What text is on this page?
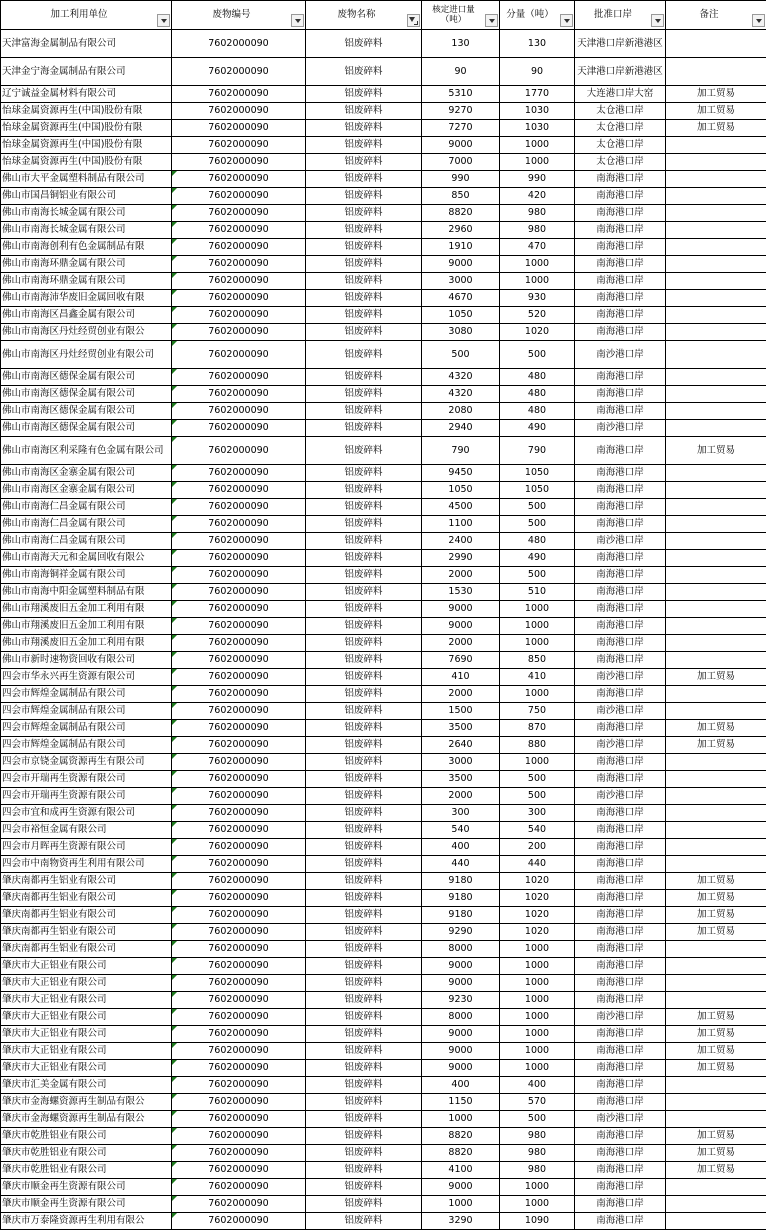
加工利用单位	废物编号	废物名称	核定进口量（吨）	分量（吨）	批准口岸	备注

天津富海金属制品有限公司	7602000090	铝废碎料	130	130	天津港口岸新港港区	
天津金宁海金属制品有限公司	7602000090	铝废碎料	90	90	天津港口岸新港港区	
辽宁诚益金属材料有限公司	7602000090	铝废碎料	5310	1770	大连港口岸大窑	加工贸易
怡球金属资源再生(中国)股份有限	7602000090	铝废碎料	9270	1030	太仓港口岸	加工贸易
怡球金属资源再生(中国)股份有限	7602000090	铝废碎料	7270	1030	太仓港口岸	加工贸易
怡球金属资源再生(中国)股份有限	7602000090	铝废碎料	9000	1000	太仓港口岸	
怡球金属资源再生(中国)股份有限	7602000090	铝废碎料	7000	1000	太仓港口岸	
佛山市大平金属塑料制品有限公司	7602000090	铝废碎料	990	990	南海港口岸	
佛山市国昌铜铝业有限公司	7602000090	铝废碎料	850	420	南海港口岸	
佛山市南海长城金属有限公司	7602000090	铝废碎料	8820	980	南海港口岸	
佛山市南海长城金属有限公司	7602000090	铝废碎料	2960	980	南海港口岸	
佛山市南海创利有色金属制品有限	7602000090	铝废碎料	1910	470	南海港口岸	
佛山市南海环鼎金属有限公司	7602000090	铝废碎料	9000	1000	南海港口岸	
佛山市南海环鼎金属有限公司	7602000090	铝废碎料	3000	1000	南海港口岸	
佛山市南海沛华废旧金属回收有限	7602000090	铝废碎料	4670	930	南海港口岸	
佛山市南海区昌鑫金属有限公司	7602000090	铝废碎料	1050	520	南海港口岸	
佛山市南海区丹灶经贸创业有限公	7602000090	铝废碎料	3080	1020	南海港口岸	
佛山市南海区丹灶经贸创业有限公司	7602000090	铝废碎料	500	500	南沙港口岸	
佛山市南海区德保金属有限公司	7602000090	铝废碎料	4320	480	南海港口岸	
佛山市南海区德保金属有限公司	7602000090	铝废碎料	4320	480	南海港口岸	
佛山市南海区德保金属有限公司	7602000090	铝废碎料	2080	480	南海港口岸	
佛山市南海区德保金属有限公司	7602000090	铝废碎料	2940	490	南沙港口岸	
佛山市南海区利采隆有色金属有限公司	7602000090	铝废碎料	790	790	南海港口岸	加工贸易
佛山市南海区金寨金属有限公司	7602000090	铝废碎料	9450	1050	南海港口岸	
佛山市南海区金寨金属有限公司	7602000090	铝废碎料	1050	1050	南海港口岸	
佛山市南海仁昌金属有限公司	7602000090	铝废碎料	4500	500	南海港口岸	
佛山市南海仁昌金属有限公司	7602000090	铝废碎料	1100	500	南海港口岸	
佛山市南海仁昌金属有限公司	7602000090	铝废碎料	2400	480	南沙港口岸	
佛山市南海天元和金属回收有限公	7602000090	铝废碎料	2990	490	南海港口岸	
佛山市南海铜祥金属有限公司	7602000090	铝废碎料	2000	500	南海港口岸	
佛山市南海中阳金属塑料制品有限	7602000090	铝废碎料	1530	510	南海港口岸	
佛山市翔溪废旧五金加工利用有限	7602000090	铝废碎料	9000	1000	南海港口岸	
佛山市翔溪废旧五金加工利用有限	7602000090	铝废碎料	9000	1000	南海港口岸	
佛山市翔溪废旧五金加工利用有限	7602000090	铝废碎料	2000	1000	南海港口岸	
佛山市新时速物资回收有限公司	7602000090	铝废碎料	7690	850	南海港口岸	
四会市华永兴再生资源有限公司	7602000090	铝废碎料	410	410	南沙港口岸	加工贸易
四会市辉煌金属制品有限公司	7602000090	铝废碎料	2000	1000	南海港口岸	
四会市辉煌金属制品有限公司	7602000090	铝废碎料	1500	750	南沙港口岸	
四会市辉煌金属制品有限公司	7602000090	铝废碎料	3500	870	南海港口岸	加工贸易
四会市辉煌金属制品有限公司	7602000090	铝废碎料	2640	880	南沙港口岸	加工贸易
四会市京铙金属资源再生有限公司	7602000090	铝废碎料	3000	1000	南海港口岸	
四会市开瑞再生资源有限公司	7602000090	铝废碎料	3500	500	南海港口岸	
四会市开瑞再生资源有限公司	7602000090	铝废碎料	2000	500	南沙港口岸	
四会市宜和成再生资源有限公司	7602000090	铝废碎料	300	300	南海港口岸	
四会市裕恒金属有限公司	7602000090	铝废碎料	540	540	南海港口岸	
四会市月晖再生资源有限公司	7602000090	铝废碎料	400	200	南海港口岸	
四会市中南物资再生利用有限公司	7602000090	铝废碎料	440	440	南海港口岸	
肇庆南都再生铝业有限公司	7602000090	铝废碎料	9180	1020	南海港口岸	加工贸易
肇庆南都再生铝业有限公司	7602000090	铝废碎料	9180	1020	南海港口岸	加工贸易
肇庆南都再生铝业有限公司	7602000090	铝废碎料	9180	1020	南海港口岸	加工贸易
肇庆南都再生铝业有限公司	7602000090	铝废碎料	9290	1020	南海港口岸	加工贸易
肇庆南都再生铝业有限公司	7602000090	铝废碎料	8000	1000	南海港口岸	
肇庆市大正铝业有限公司	7602000090	铝废碎料	9000	1000	南海港口岸	
肇庆市大正铝业有限公司	7602000090	铝废碎料	9000	1000	南海港口岸	
肇庆市大正铝业有限公司	7602000090	铝废碎料	9230	1000	南海港口岸	
肇庆市大正铝业有限公司	7602000090	铝废碎料	8000	1000	南沙港口岸	加工贸易
肇庆市大正铝业有限公司	7602000090	铝废碎料	9000	1000	南海港口岸	加工贸易
肇庆市大正铝业有限公司	7602000090	铝废碎料	9000	1000	南海港口岸	加工贸易
肇庆市大正铝业有限公司	7602000090	铝废碎料	9000	1000	南海港口岸	加工贸易
肇庆市汇美金属有限公司	7602000090	铝废碎料	400	400	南海港口岸	
肇庆市金海螺资源再生制品有限公	7602000090	铝废碎料	1150	570	南海港口岸	
肇庆市金海螺资源再生制品有限公	7602000090	铝废碎料	1000	500	南沙港口岸	
肇庆市乾胜铝业有限公司	7602000090	铝废碎料	8820	980	南海港口岸	加工贸易
肇庆市乾胜铝业有限公司	7602000090	铝废碎料	8820	980	南海港口岸	加工贸易
肇庆市乾胜铝业有限公司	7602000090	铝废碎料	4100	980	南海港口岸	加工贸易
肇庆市顺金再生资源有限公司	7602000090	铝废碎料	9000	1000	南海港口岸	
肇庆市顺金再生资源有限公司	7602000090	铝废碎料	1000	1000	南海港口岸	
肇庆市万泰隆资源再生利用有限公	7602000090	铝废碎料	3290	1090	南海港口岸	
